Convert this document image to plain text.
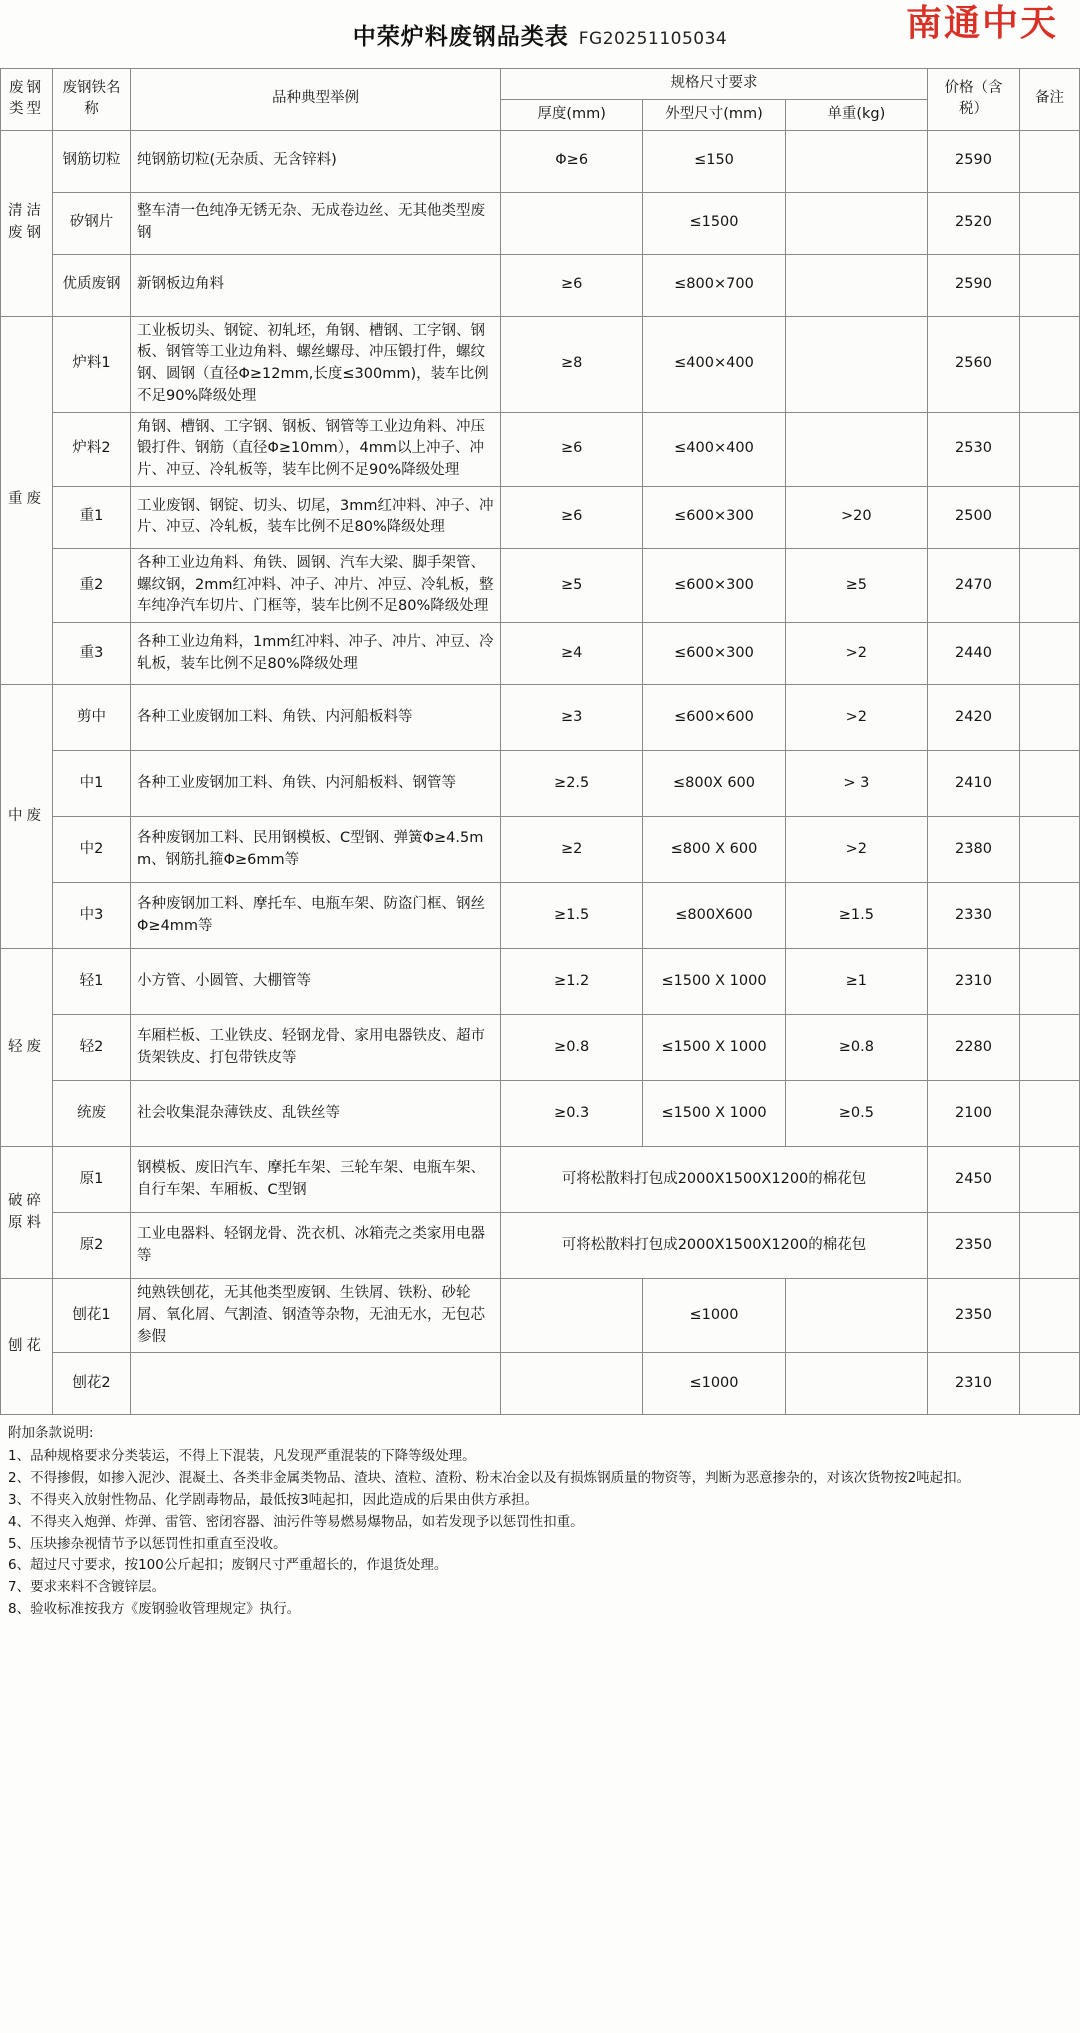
中荣炉料废钢品类表 FG20251105034	南通中天
废钢类型	废钢铁名称	品种典型举例	规格尺寸要求			价格（含税）	备注
			厚度(mm)	外型尺寸(mm)	单重(kg)		
清洁废钢	钢筋切粒	纯钢筋切粒(无杂质、无含锌料)	Φ≥6	≤150		2590	
	矽钢片	整车清一色纯净无锈无杂、无成卷边丝、无其他类型废钢		≤1500		2520	
	优质废钢	新钢板边角料	≥6	≤800×700		2590	
重废	炉料1	工业板切头、钢锭、初轧坯，角钢、槽钢、工字钢、钢板、钢管等工业边角料、螺丝螺母、冲压锻打件，螺纹钢、圆钢（直径Φ≥12mm,长度≤300mm)，装车比例不足90%降级处理	≥8	≤400×400		2560	
	炉料2	角钢、槽钢、工字钢、钢板、钢管等工业边角料、冲压锻打件、钢筋（直径Φ≥10mm），4mm以上冲子、冲片、冲豆、冷轧板等，装车比例不足90%降级处理	≥6	≤400×400		2530	
	重1	工业废钢、钢锭、切头、切尾，3mm红冲料、冲子、冲片、冲豆、冷轧板，装车比例不足80%降级处理	≥6	≤600×300	>20	2500	
	重2	各种工业边角料、角铁、圆钢、汽车大梁、脚手架管、螺纹钢，2mm红冲料、冲子、冲片、冲豆、冷轧板，整车纯净汽车切片、门框等，装车比例不足80%降级处理	≥5	≤600×300	≥5	2470	
	重3	各种工业边角料，1mm红冲料、冲子、冲片、冲豆、冷轧板，装车比例不足80%降级处理	≥4	≤600×300	>2	2440	
中废	剪中	各种工业废钢加工料、角铁、内河船板料等	≥3	≤600×600	>2	2420	
	中1	各种工业废钢加工料、角铁、内河船板料、钢管等	≥2.5	≤800X 600	> 3	2410	
	中2	各种废钢加工料、民用钢模板、C型钢、弹簧Φ≥4.5mm、钢筋扎箍Φ≥6mm等	≥2	≤800 X 600	>2	2380	
	中3	各种废钢加工料、摩托车、电瓶车架、防盗门框、钢丝Φ≥4mm等	≥1.5	≤800X600	≥1.5	2330	
轻废	轻1	小方管、小圆管、大棚管等	≥1.2	≤1500 X 1000	≥1	2310	
	轻2	车厢栏板、工业铁皮、轻钢龙骨、家用电器铁皮、超市货架铁皮、打包带铁皮等	≥0.8	≤1500 X 1000	≥0.8	2280	
	统废	社会收集混杂薄铁皮、乱铁丝等	≥0.3	≤1500 X 1000	≥0.5	2100	
破碎原料	原1	钢模板、废旧汽车、摩托车架、三轮车架、电瓶车架、自行车架、车厢板、C型钢	可将松散料打包成2000X1500X1200的棉花包			2450	
	原2	工业电器料、轻钢龙骨、洗衣机、冰箱壳之类家用电器等	可将松散料打包成2000X1500X1200的棉花包			2350	
刨花	刨花1	纯熟铁刨花，无其他类型废钢、生铁屑、铁粉、砂轮屑、氧化屑、气割渣、钢渣等杂物，无油无水，无包芯参假		≤1000		2350	
	刨花2			≤1000		2310	
附加条款说明:
1、品种规格要求分类装运，不得上下混装，凡发现严重混装的下降等级处理。
2、不得掺假，如掺入泥沙、混凝土、各类非金属类物品、渣块、渣粒、渣粉、粉末冶金以及有损炼钢质量的物资等，判断为恶意掺杂的，对该次货物按2吨起扣。
3、不得夹入放射性物品、化学剧毒物品，最低按3吨起扣，因此造成的后果由供方承担。
4、不得夹入炮弹、炸弹、雷管、密闭容器、油污件等易燃易爆物品，如若发现予以惩罚性扣重。
5、压块掺杂视情节予以惩罚性扣重直至没收。
6、超过尺寸要求，按100公斤起扣；废钢尺寸严重超长的，作退货处理。
7、要求来料不含镀锌层。
8、验收标准按我方《废钢验收管理规定》执行。
